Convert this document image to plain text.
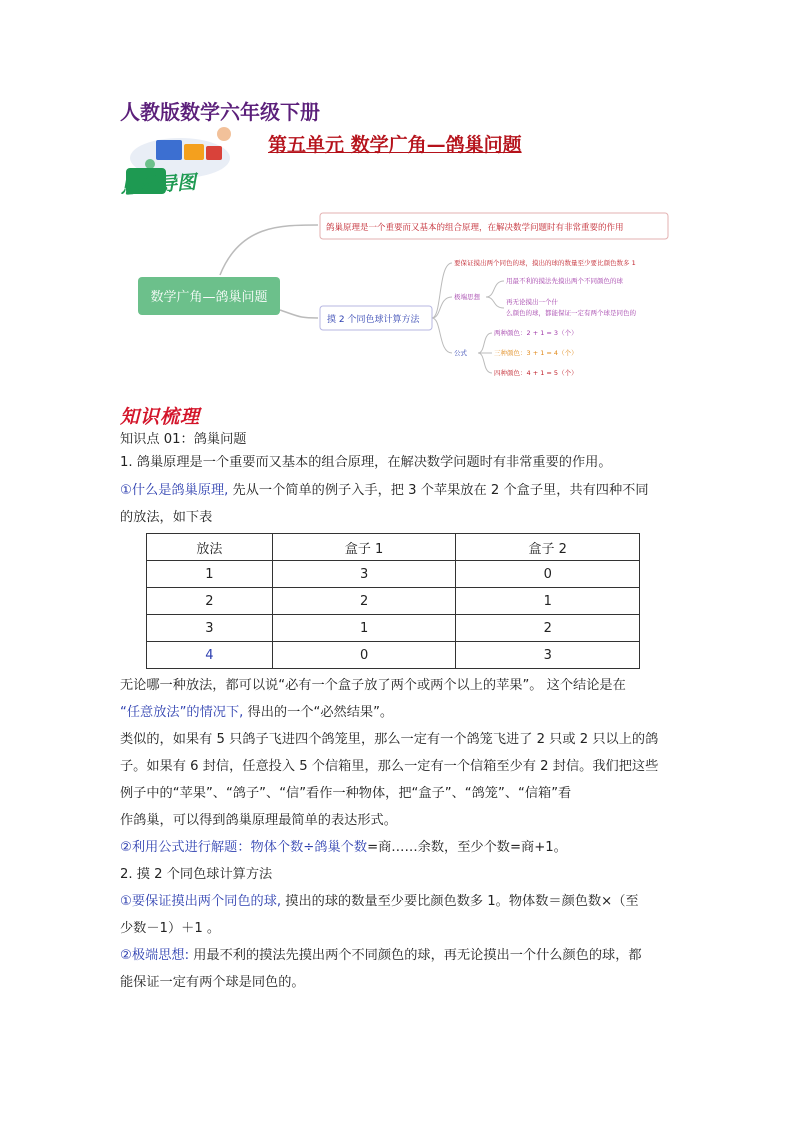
人教版数学六年级下册
思维导图
第五单元 数学广角—鸽巢问题
数学广角—鸽巢问题
鸽巢原理是一个重要而又基本的组合原理，在解决数学问题时有非常重要的作用
摸 2 个同色球计算方法
要保证摸出两个同色的球，摸出的球的数量至少要比颜色数多 1
极端思想
用最不利的摸法先摸出两个不同颜色的球
再无论摸出一个什
么颜色的球，都能保证一定有两个球是同色的
公式
两种颜色：2 + 1 = 3（个）
三种颜色：3 + 1 = 4（个）
四种颜色：4 + 1 = 5（个）
知识梳理
知识点 01：鸽巢问题
1. 鸽巢原理是一个重要而又基本的组合原理，在解决数学问题时有非常重要的作用。
①什么是鸽巢原理, 先从一个简单的例子入手，把 3 个苹果放在 2 个盒子里，共有四种不同
的放法，如下表
放法	盒子 1	盒子 2
1	3	0
2	2	1
3	1	2
4	0	3
无论哪一种放法，都可以说“必有一个盒子放了两个或两个以上的苹果”。 这个结论是在
“任意放法”的情况下, 得出的一个“必然结果”。
类似的，如果有 5 只鸽子飞进四个鸽笼里，那么一定有一个鸽笼飞进了 2 只或 2 只以上的鸽
子。如果有 6 封信，任意投入 5 个信箱里，那么一定有一个信箱至少有 2 封信。我们把这些
例子中的“苹果”、“鸽子”、“信”看作一种物体，把“盒子”、“鸽笼”、“信箱”看
作鸽巢，可以得到鸽巢原理最简单的表达形式。
②利用公式进行解题：物体个数÷鸽巢个数=商……余数，至少个数=商+1。
2. 摸 2 个同色球计算方法
①要保证摸出两个同色的球, 摸出的球的数量至少要比颜色数多 1。物体数＝颜色数×（至
少数－1）＋1 。
②极端思想: 用最不利的摸法先摸出两个不同颜色的球，再无论摸出一个什么颜色的球，都
能保证一定有两个球是同色的。
